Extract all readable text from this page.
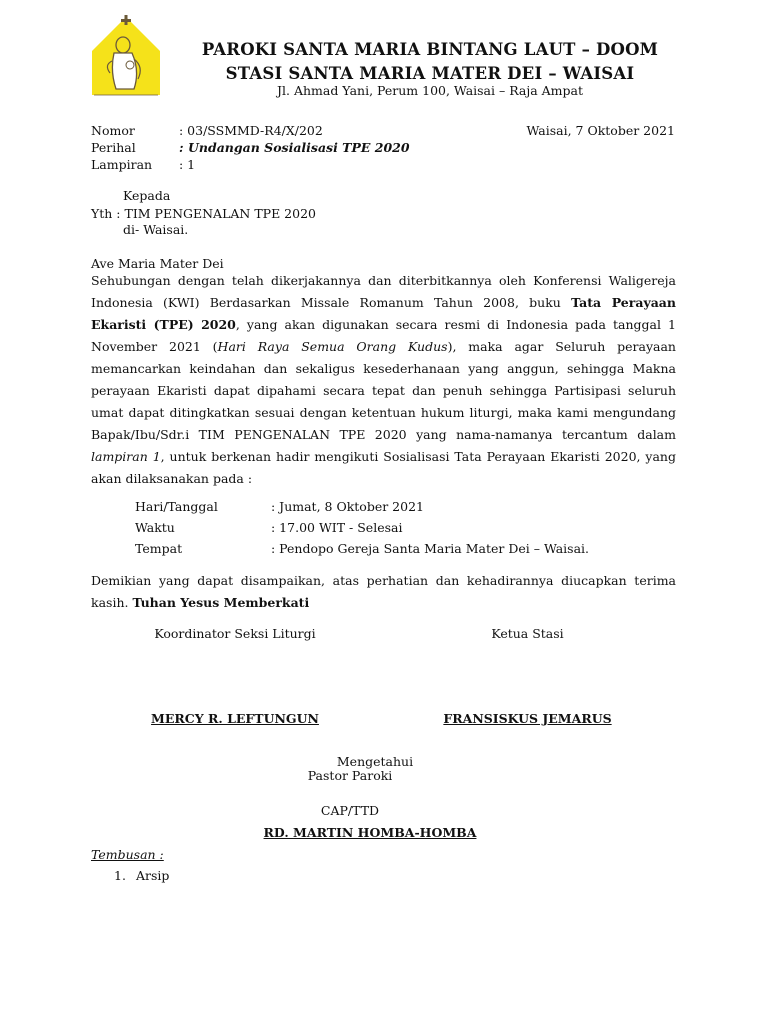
PAROKI SANTA MARIA BINTANG LAUT – DOOM
STASI SANTA MARIA MATER DEI – WAISAI
Jl. Ahmad Yani, Perum 100, Waisai – Raja Ampat
Nomor	: 03/SSMMD-R4/X/202
Perihal	: Undangan Sosialisasi TPE 2020
Lampiran : 1
Waisai, 7 Oktober 2021
Kepada
Yth : TIM PENGENALAN TPE 2020
di- Waisai.
Ave Maria Mater Dei
Sehubungan dengan telah dikerjakannya dan diterbitkannya oleh Konferensi Waligereja Indonesia (KWI) Berdasarkan Missale Romanum Tahun 2008, buku Tata Perayaan Ekaristi (TPE) 2020, yang akan digunakan secara resmi di Indonesia pada tanggal 1 November 2021 (Hari Raya Semua Orang Kudus), maka agar Seluruh perayaan memancarkan keindahan dan sekaligus kesederhanaan yang anggun, sehingga Makna perayaan Ekaristi dapat dipahami secara tepat dan penuh sehingga Partisipasi seluruh umat dapat ditingkatkan sesuai dengan ketentuan hukum liturgi, maka kami mengundang Bapak/Ibu/Sdr.i TIM PENGENALAN TPE 2020 yang nama-namanya tercantum dalam lampiran 1, untuk berkenan hadir mengikuti Sosialisasi Tata Perayaan Ekaristi 2020, yang akan dilaksanakan pada :
Hari/Tanggal	: Jumat, 8 Oktober 2021
Waktu	: 17.00 WIT - Selesai
Tempat	: Pendopo Gereja Santa Maria Mater Dei – Waisai.
Demikian yang dapat disampaikan, atas perhatian dan kehadirannya diucapkan terima kasih. Tuhan Yesus Memberkati
Koordinator Seksi Liturgi	Ketua Stasi
MERCY R. LEFTUNGUN	FRANSISKUS JEMARUS
Mengetahui
Pastor Paroki
CAP/TTD
RD. MARTIN HOMBA-HOMBA
Tembusan :
1. Arsip
